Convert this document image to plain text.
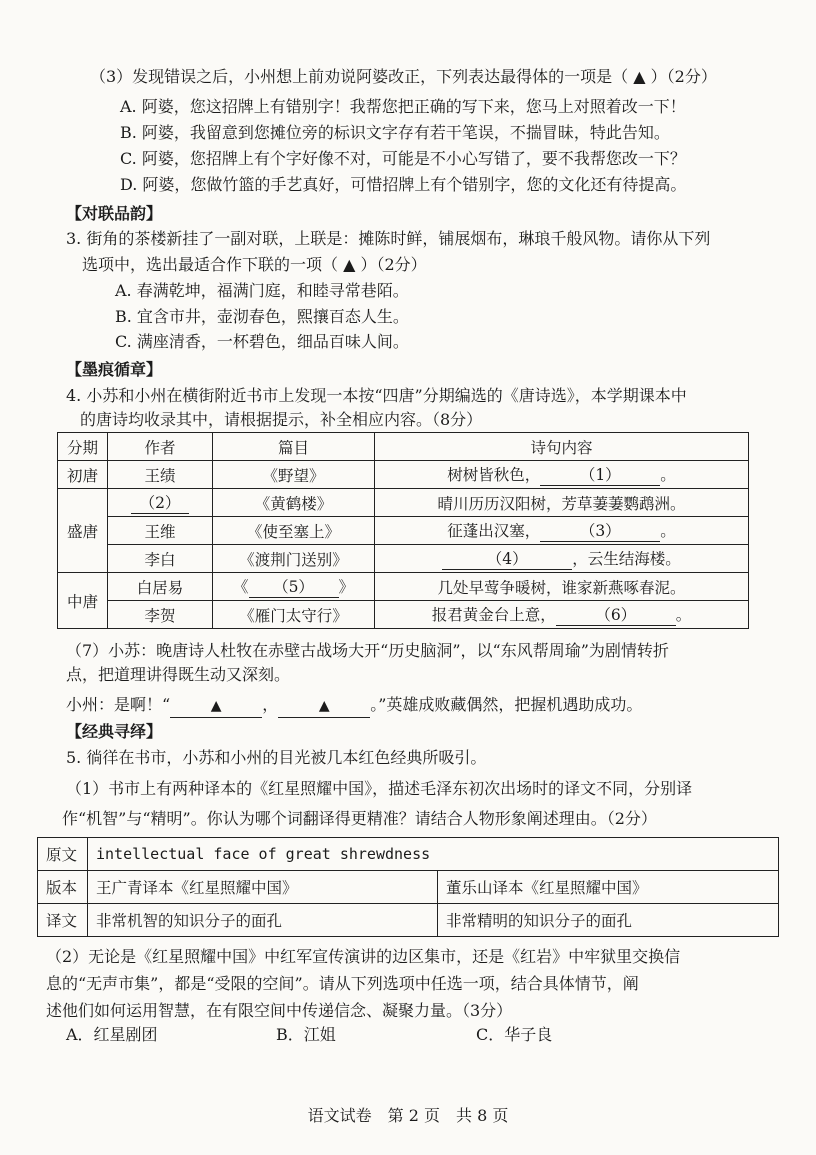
（3）发现错误之后，小州想上前劝说阿婆改正，下列表达最得体的一项是（ ▲ ）（2分）
A. 阿婆，您这招牌上有错别字！我帮您把正确的写下来，您马上对照着改一下！
B. 阿婆，我留意到您摊位旁的标识文字存有若干笔误，不揣冒昧，特此告知。
C. 阿婆，您招牌上有个字好像不对，可能是不小心写错了，要不我帮您改一下？
D. 阿婆，您做竹篮的手艺真好，可惜招牌上有个错别字，您的文化还有待提高。
【对联品韵】
3. 街角的茶楼新挂了一副对联，上联是：摊陈时鲜，铺展烟布，琳琅千般风物。请你从下列
选项中，选出最适合作下联的一项（ ▲ ）（2分）
A. 春满乾坤，福满门庭，和睦寻常巷陌。
B. 宜含市井，壶沏春色，熙攘百态人生。
C. 满座清香，一杯碧色，细品百味人间。
【墨痕循章】
4. 小苏和小州在横街附近书市上发现一本按“四唐”分期编选的《唐诗选》，本学期课本中
的唐诗均收录其中，请根据提示，补全相应内容。（8分）
分期	作者	篇目	诗句内容
初唐	王绩	《野望》	树树皆秋色， （1） 。
盛唐	（2）	《黄鹤楼》	晴川历历汉阳树，芳草萋萋鹦鹉洲。
	王维	《使至塞上》	征蓬出汉塞， （3） 。
	李白	《渡荆门送别》	（4） ，云生结海楼。
中唐	白居易	《 （5） 》	几处早莺争暖树，谁家新燕啄春泥。
	李贺	《雁门太守行》	报君黄金台上意， （6） 。
（7）小苏：晚唐诗人杜牧在赤壁古战场大开“历史脑洞”，以“东风帮周瑜”为剧情转折
点，把道理讲得既生动又深刻。
小州：是啊！“	▲	，	▲	。”英雄成败藏偶然，把握机遇助成功。
【经典寻绎】
5. 徜徉在书市，小苏和小州的目光被几本红色经典所吸引。
（1）书市上有两种译本的《红星照耀中国》，描述毛泽东初次出场时的译文不同，分别译
作“机智”与“精明”。你认为哪个词翻译得更精准？请结合人物形象阐述理由。（2分）
原文	intellectual face of great shrewdness	
版本	王广青译本《红星照耀中国》	董乐山译本《红星照耀中国》
译文	非常机智的知识分子的面孔	非常精明的知识分子的面孔
（2）无论是《红星照耀中国》中红军宣传演讲的边区集市，还是《红岩》中牢狱里交换信
息的“无声市集”，都是“受限的空间”。请从下列选项中任选一项，结合具体情节，阐
述他们如何运用智慧，在有限空间中传递信念、凝聚力量。（3分）
A．红星剧团	B．江姐	C．华子良
语文试卷　第 2 页　共 8 页
